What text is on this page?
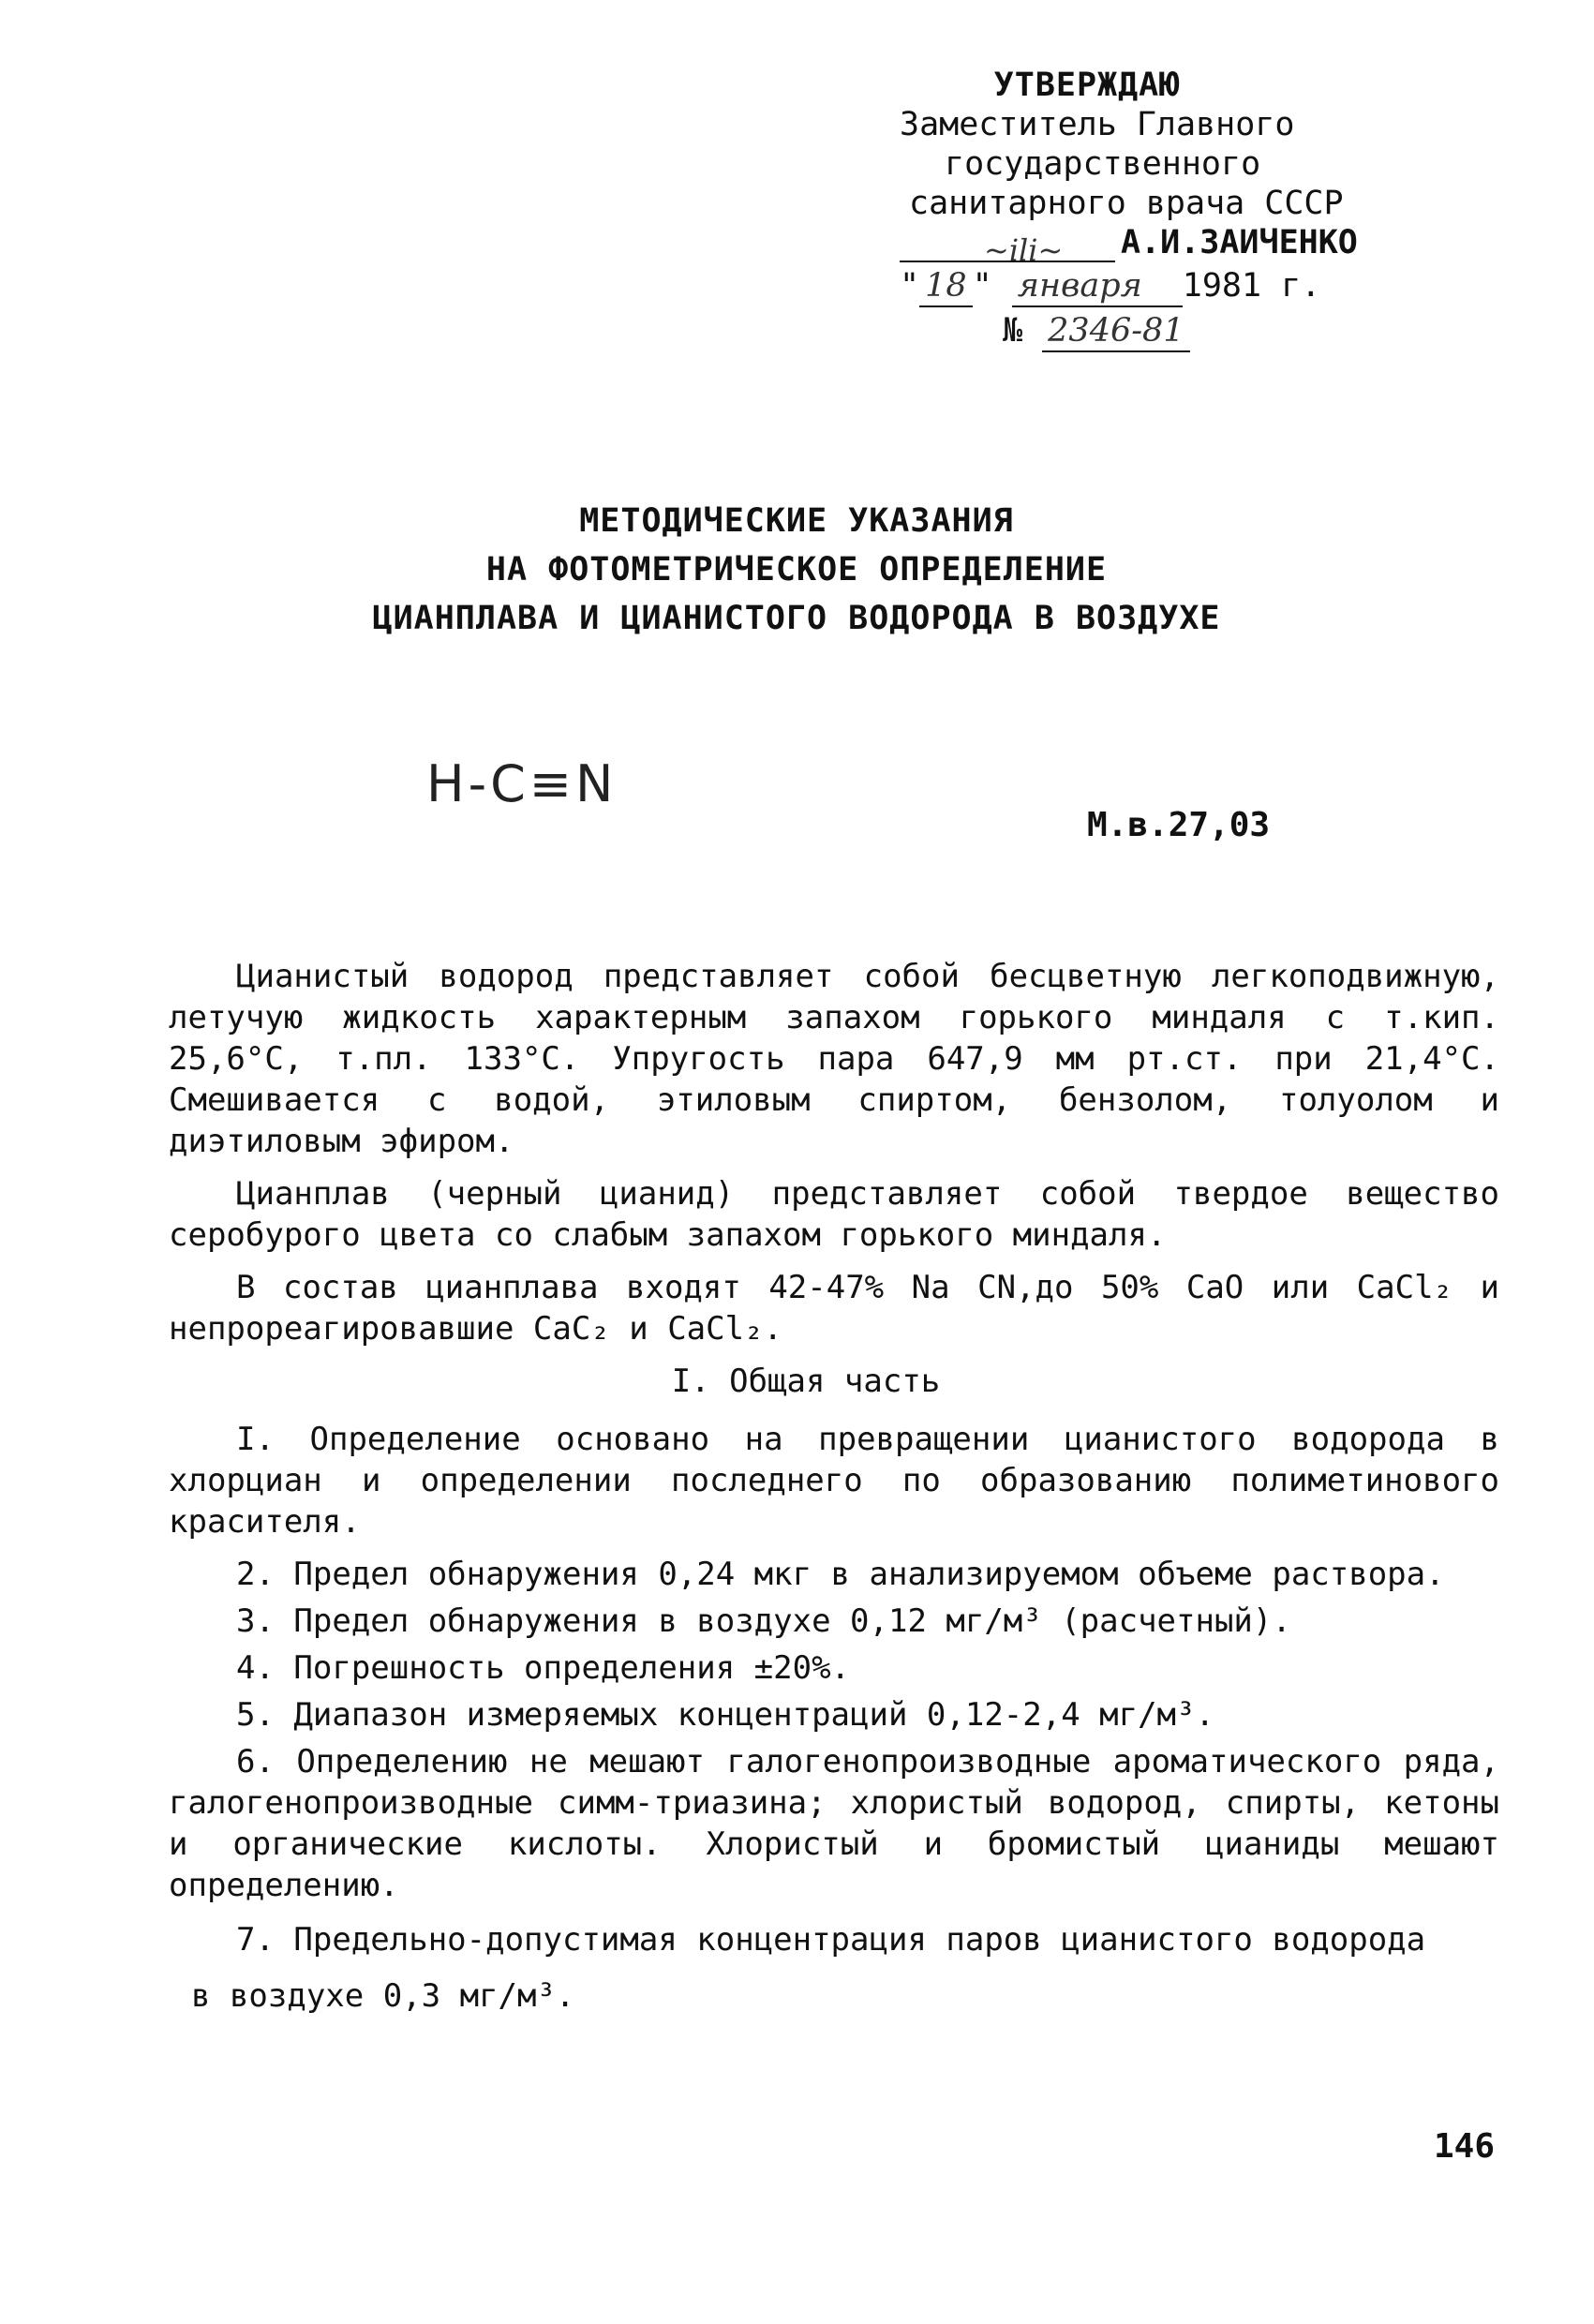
УТВЕРЖДАЮ
Заместитель Главного
государственного
санитарного врача СССР
~ili~ А.И.ЗАИЧЕНКО
" 18 " января 1981 г.
№ 2346-81
МЕТОДИЧЕСКИЕ УКАЗАНИЯ
НА ФОТОМЕТРИЧЕСКОЕ ОПРЕДЕЛЕНИЕ
ЦИАНПЛАВА И ЦИАНИСТОГО ВОДОРОДА В ВОЗДУХЕ
H-C≡N
М.в.27,03

Цианистый водород представляет собой бесцветную легкоподвижную, летучую жидкость характерным запахом горького миндаля с т.кип. 25,6°С, т.пл. 133°С. Упругость пара 647,9 мм рт.ст. при 21,4°С. Смешивается с водой, этиловым спиртом, бензолом, толуолом и диэтиловым эфиром.

Цианплав (черный цианид) представляет собой твердое вещество серобурого цвета со слабым запахом горького миндаля.

В состав цианплава входят 42-47% Na CN,до 50% CaO или CaCl₂ и непрореагировавшие CaC₂ и CaCl₂.

I. Общая часть

I. Определение основано на превращении цианистого водорода в хлорциан и определении последнего по образованию полиметинового красителя.

2. Предел обнаружения 0,24 мкг в анализируемом объеме раствора.

3. Предел обнаружения в воздухе 0,12 мг/м³ (расчетный).

4. Погрешность определения ±20%.

5. Диапазон измеряемых концентраций 0,12-2,4 мг/м³.

6. Определению не мешают галогенопроизводные ароматического ряда, галогенопроизводные симм-триазина; хлористый водород, спирты, кетоны и органические кислоты. Хлористый и бромистый цианиды мешают определению.

7. Предельно-допустимая концентрация паров цианистого водорода

в воздухе 0,3 мг/м³.

146
